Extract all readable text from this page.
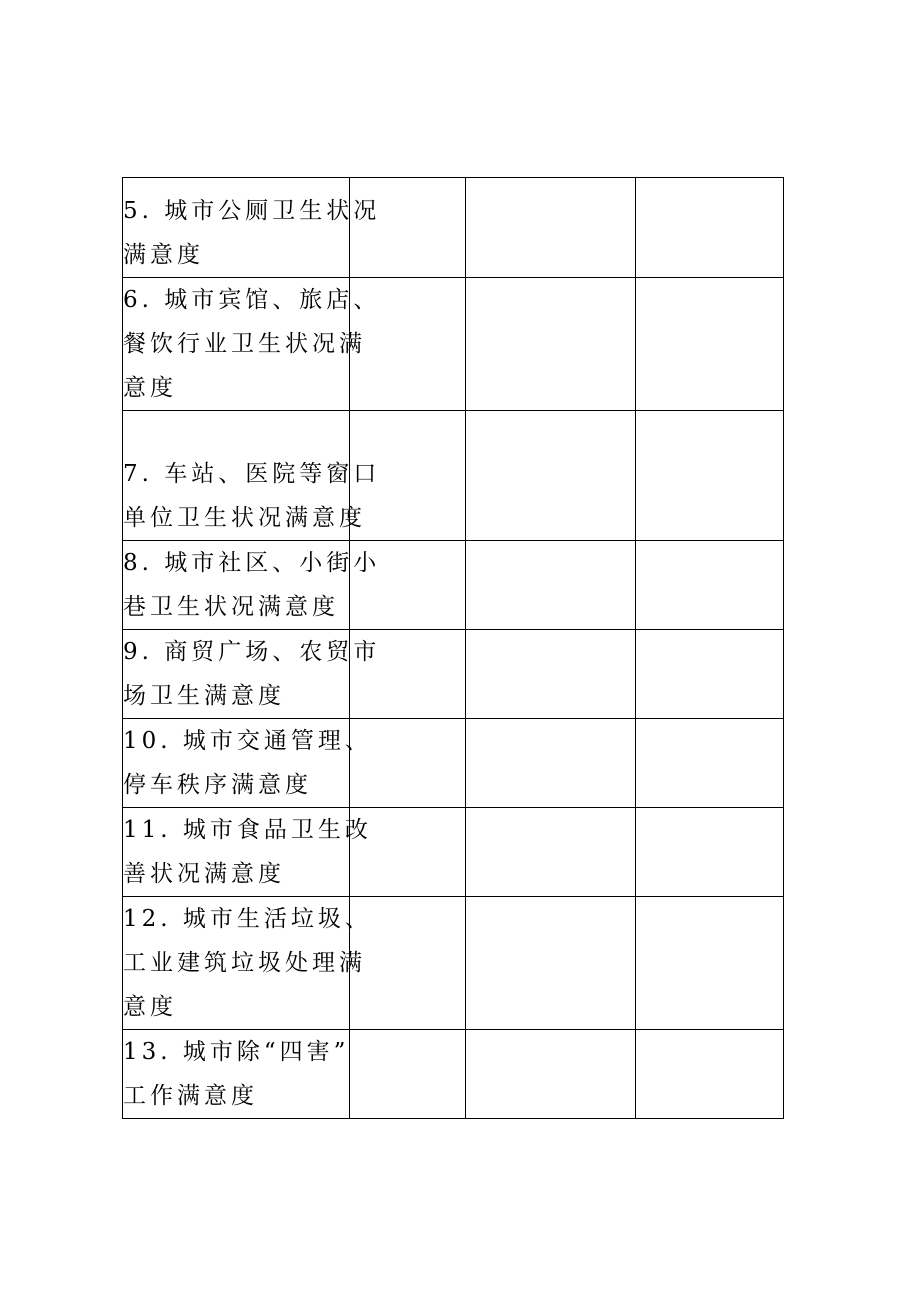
5. 城市公厕卫生状况
满意度			

6. 城市宾馆、旅店、
餐饮行业卫生状况满
意度			

7. 车站、医院等窗口
单位卫生状况满意度			

8. 城市社区、小街小
巷卫生状况满意度			

9. 商贸广场、农贸市
场卫生满意度			

10. 城市交通管理、
停车秩序满意度			

11. 城市食品卫生改
善状况满意度			

12. 城市生活垃圾、
工业建筑垃圾处理满
意度			

13. 城市除“四害”
工作满意度			
